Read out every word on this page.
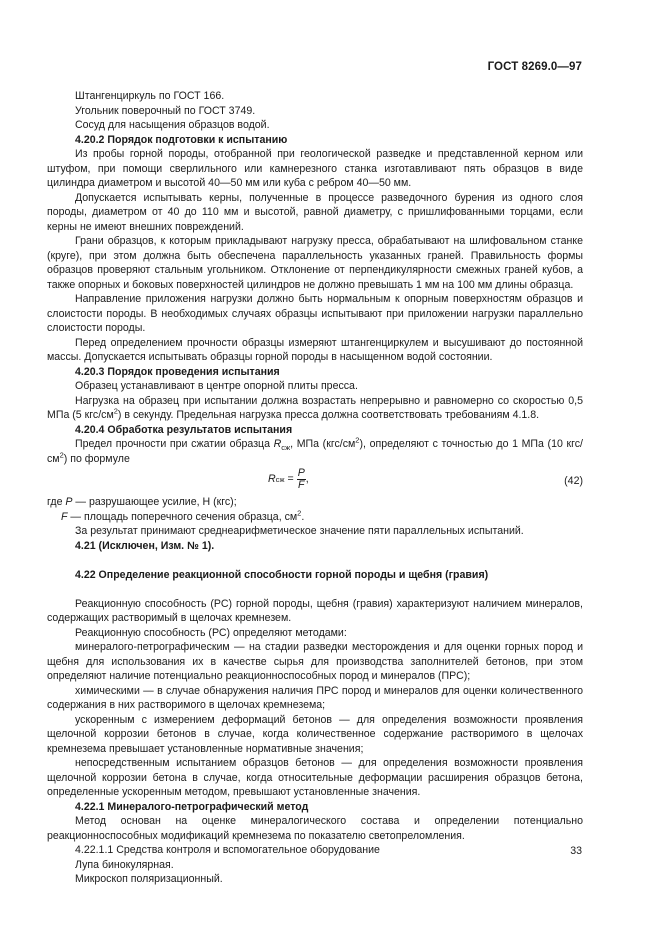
ГОСТ 8269.0—97

Штангенциркуль по ГОСТ 166.

Угольник поверочный по ГОСТ 3749.

Сосуд для насыщения образцов водой.

4.20.2 Порядок подготовки к испытанию

Из пробы горной породы, отобранной при геологической разведке и представленной керном или штуфом, при помощи сверлильного или камнерезного станка изготавливают пять образцов в виде цилиндра диаметром и высотой 40—50 мм или куба с ребром 40—50 мм.

Допускается испытывать керны, полученные в процессе разведочного бурения из одного слоя породы, диаметром от 40 до 110 мм и высотой, равной диаметру, с пришлифованными торцами, если керны не имеют внешних повреждений.

Грани образцов, к которым прикладывают нагрузку пресса, обрабатывают на шлифовальном станке (круге), при этом должна быть обеспечена параллельность указанных граней. Правильность формы образцов проверяют стальным угольником. Отклонение от перпендикулярности смежных граней кубов, а также опорных и боковых поверхностей цилиндров не должно превышать 1 мм на 100 мм длины образца.

Направление приложения нагрузки должно быть нормальным к опорным поверхностям образцов и слоистости породы. В необходимых случаях образцы испытывают при приложении нагрузки параллельно слоистости породы.

Перед определением прочности образцы измеряют штангенциркулем и высушивают до постоянной массы. Допускается испытывать образцы горной породы в насыщенном водой состоянии.

4.20.3 Порядок проведения испытания

Образец устанавливают в центре опорной плиты пресса.

Нагрузка на образец при испытании должна возрастать непрерывно и равномерно со скоростью 0,5 МПа (5 кгс/$см^2$) в секунду. Предельная нагрузка пресса должна соответствовать требованиям 4.1.8.

4.20.4 Обработка результатов испытания

Предел прочности при сжатии образца $R_{сж}$, МПа $(кгс/см^2)$, определяют с точностью до 1 МПа (10 кгс/$см^2$) по формуле

R сж = $\frac{P}{F}$ ,	(42)

где P — разрушающее усилие, Н (кгс);

F — площадь поперечного сечения образца, $см^2$.

За результат принимают среднеарифметическое значение пяти параллельных испытаний.

4.21 (Исключен, Изм. № 1).

4.22 Определение реакционной способности горной породы и щебня (гравия)

Реакционную способность (РС) горной породы, щебня (гравия) характеризуют наличием минералов, содержащих растворимый в щелочах кремнезем.

Реакционную способность (РС) определяют методами:

минералого-петрографическим — на стадии разведки месторождения и для оценки горных пород и щебня для использования их в качестве сырья для производства заполнителей бетонов, при этом определяют наличие потенциально реакционноспособных пород и минералов (ПРС);

химическими — в случае обнаружения наличия ПРС пород и минералов для оценки количественного содержания в них растворимого в щелочах кремнезема;

ускоренным с измерением деформаций бетонов — для определения возможности проявления щелочной коррозии бетонов в случае, когда количественное содержание растворимого в щелочах кремнезема превышает установленные нормативные значения;

непосредственным испытанием образцов бетонов — для определения возможности проявления щелочной коррозии бетона в случае, когда относительные деформации расширения образцов бетона, определенные ускоренным методом, превышают установленные значения.

4.22.1 Минералого-петрографический метод

Метод основан на оценке минералогического состава и определении потенциально реакционноспособных модификаций кремнезема по показателю светопреломления.

4.22.1.1 Средства контроля и вспомогательное оборудование

Лупа бинокулярная.

Микроскоп поляризационный.

33
